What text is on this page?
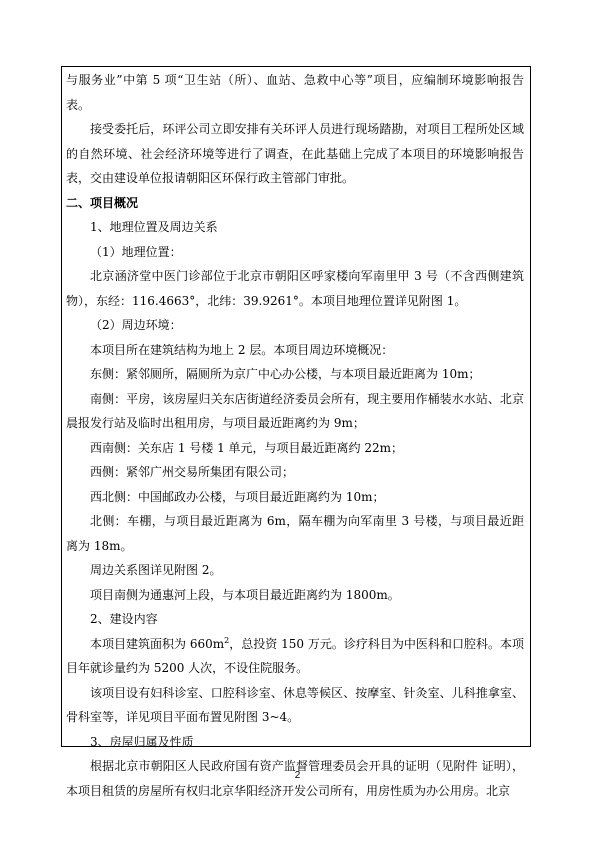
与服务业”中第 5 项“卫生站（所）、血站、急救中心等”项目，应编制环境影响报告表。

接受委托后，环评公司立即安排有关环评人员进行现场踏勘，对项目工程所处区域的自然环境、社会经济环境等进行了调查，在此基础上完成了本项目的环境影响报告表，交由建设单位报请朝阳区环保行政主管部门审批。

二、项目概况

1、地理位置及周边关系

（1）地理位置：

北京涵济堂中医门诊部位于北京市朝阳区呼家楼向军南里甲 3 号（不含西侧建筑物），东经：116.4663°，北纬：39.9261°。本项目地理位置详见附图 1。

（2）周边环境：

本项目所在建筑结构为地上 2 层。本项目周边环境概况：

东侧：紧邻厕所，隔厕所为京广中心办公楼，与本项目最近距离为 10m；

南侧：平房，该房屋归关东店街道经济委员会所有，现主要用作桶装水水站、北京晨报发行站及临时出租用房，与项目最近距离约为 9m；

西南侧：关东店 1 号楼 1 单元，与项目最近距离约 22m；

西侧：紧邻广州交易所集团有限公司；

西北侧：中国邮政办公楼，与项目最近距离约为 10m；

北侧：车棚，与项目最近距离为 6m，隔车棚为向军南里 3 号楼，与项目最近距离为 18m。

周边关系图详见附图 2。

项目南侧为通惠河上段，与本项目最近距离约为 1800m。

2、建设内容

本项目建筑面积为 $660m^2$，总投资 150 万元。诊疗科目为中医科和口腔科。本项目年就诊量约为 5200 人次，不设住院服务。

该项目设有妇科诊室、口腔科诊室、休息等候区、按摩室、针灸室、儿科推拿室、骨科室等，详见项目平面布置见附图 3~4。

3、房屋归属及性质

根据北京市朝阳区人民政府国有资产监督管理委员会开具的证明（见附件 证明），本项目租赁的房屋所有权归北京华阳经济开发公司所有，用房性质为办公用房。北京

2
